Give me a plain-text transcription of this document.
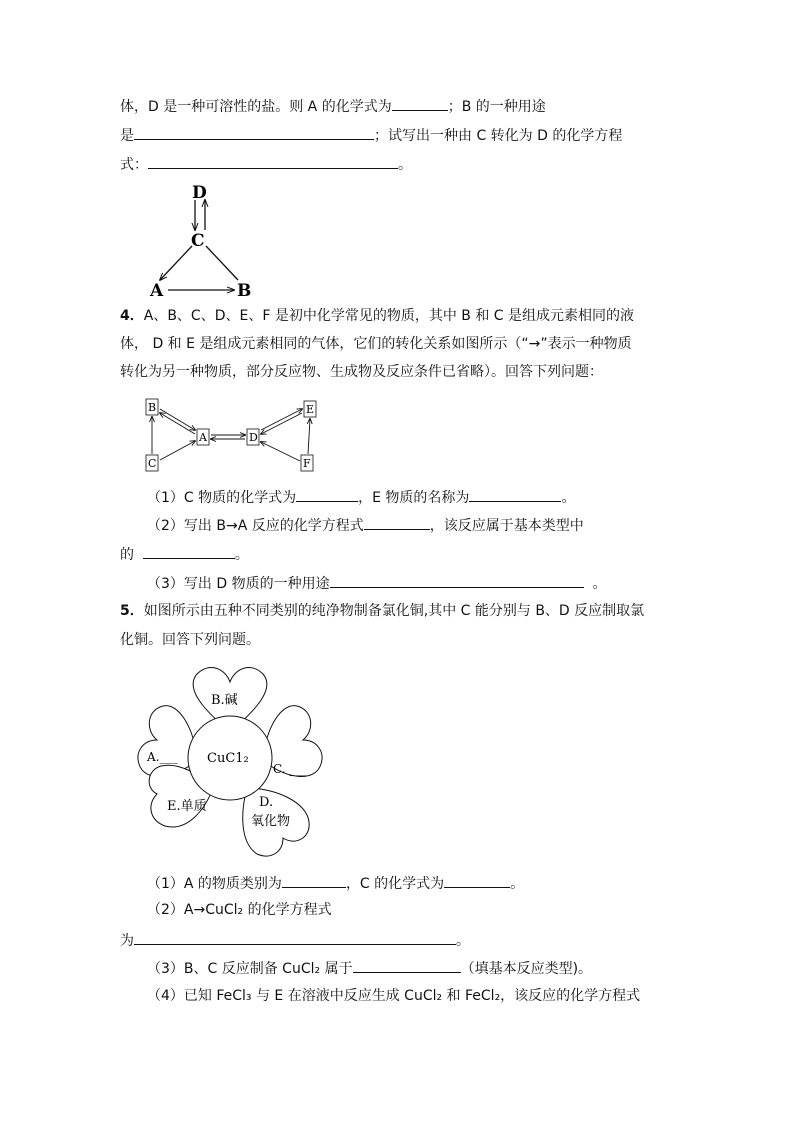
体，D 是一种可溶性的盐。则 A 的化学式为	；B 的一种用途
是	；试写出一种由 C 转化为 D 的化学方程
式：	。
D
C
A	B
4．A、B、C、D、E、F 是初中化学常见的物质，其中 B 和 C 是组成元素相同的液
体， D 和 E 是组成元素相同的气体，它们的转化关系如图所示（“→”表示一种物质
转化为另一种物质，部分反应物、生成物及反应条件已省略）。回答下列问题：
B
C
A	D
E
F
（1）C 物质的化学式为	，E 物质的名称为	。
（2）写出 B→A 反应的化学方程式	，该反应属于基本类型中
的	。
（3）写出 D 物质的一种用途	。
5．如图所示由五种不同类别的纯净物制备氯化铜,其中 C 能分别与 B、D 反应制取氯
化铜。回答下列问题。
B.碱
CuC1₂
A.___
C. ___
E.单质	D.
氧化物
（1）A 的物质类别为	，C 的化学式为	。
（2）A→CuCl₂ 的化学方程式
为	。
（3）B、C 反应制备 CuCl₂ 属于	（填基本反应类型)。
（4）已知 FeCl₃ 与 E 在溶液中反应生成 CuCl₂ 和 FeCl₂，该反应的化学方程式
